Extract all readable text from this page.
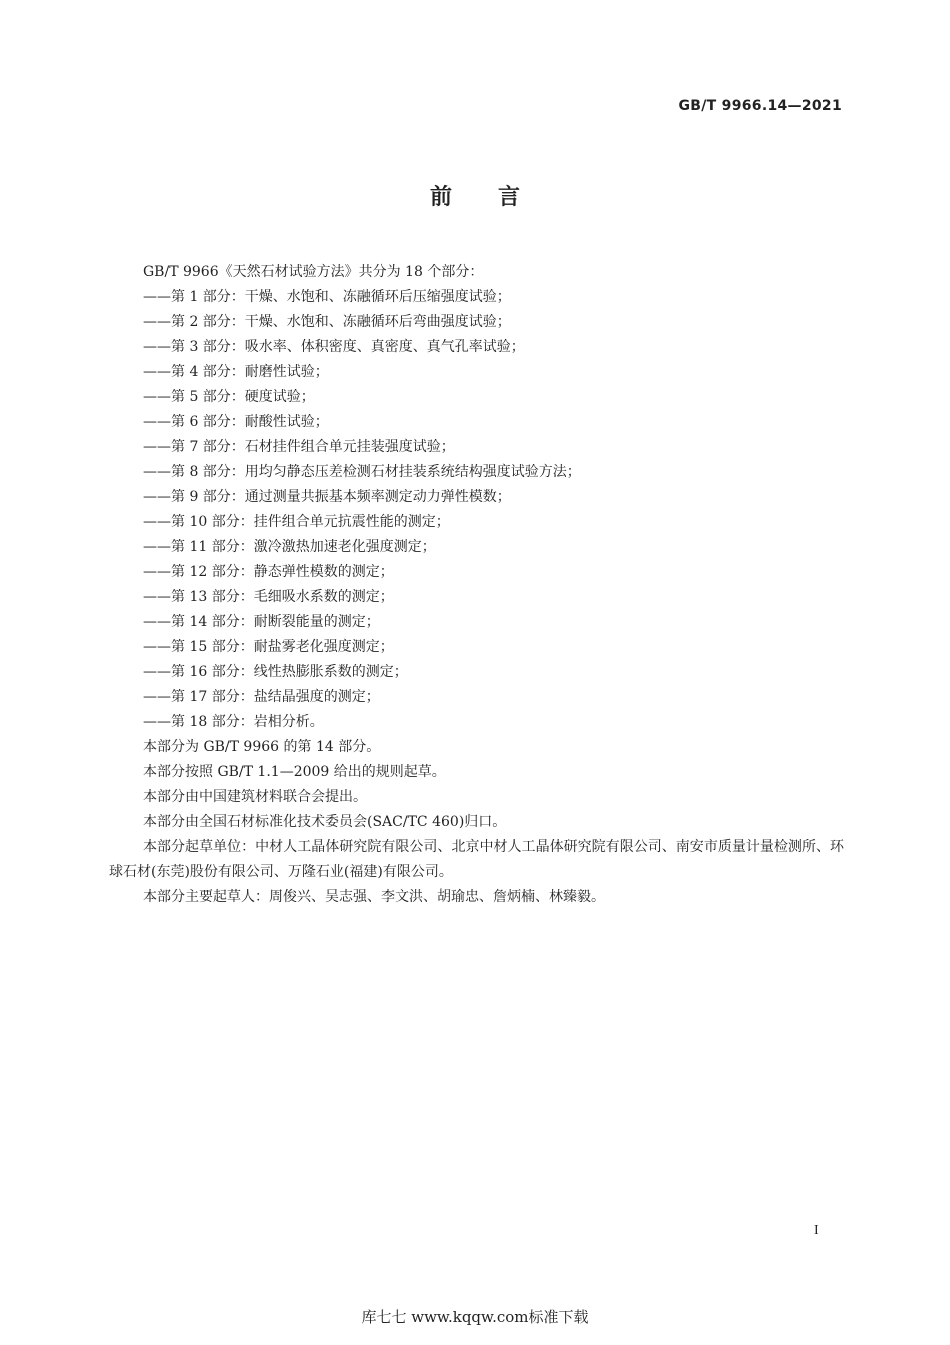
GB/T 9966.14—2021
前言
GB/T 9966《天然石材试验方法》共分为 18 个部分：
——第 1 部分：干燥、水饱和、冻融循环后压缩强度试验；
——第 2 部分：干燥、水饱和、冻融循环后弯曲强度试验；
——第 3 部分：吸水率、体积密度、真密度、真气孔率试验；
——第 4 部分：耐磨性试验；
——第 5 部分：硬度试验；
——第 6 部分：耐酸性试验；
——第 7 部分：石材挂件组合单元挂装强度试验；
——第 8 部分：用均匀静态压差检测石材挂装系统结构强度试验方法；
——第 9 部分：通过测量共振基本频率测定动力弹性模数；
——第 10 部分：挂件组合单元抗震性能的测定；
——第 11 部分：激冷激热加速老化强度测定；
——第 12 部分：静态弹性模数的测定；
——第 13 部分：毛细吸水系数的测定；
——第 14 部分：耐断裂能量的测定；
——第 15 部分：耐盐雾老化强度测定；
——第 16 部分：线性热膨胀系数的测定；
——第 17 部分：盐结晶强度的测定；
——第 18 部分：岩相分析。
本部分为 GB/T 9966 的第 14 部分。
本部分按照 GB/T 1.1—2009 给出的规则起草。
本部分由中国建筑材料联合会提出。
本部分由全国石材标准化技术委员会(SAC/TC 460)归口。
本部分起草单位：中材人工晶体研究院有限公司、北京中材人工晶体研究院有限公司、南安市质量计量检测所、环球石材(东莞)股份有限公司、万隆石业(福建)有限公司。
本部分主要起草人：周俊兴、吴志强、李文洪、胡瑜忠、詹炳楠、林臻毅。
I
库七七 www.kqqw.com标准下载
